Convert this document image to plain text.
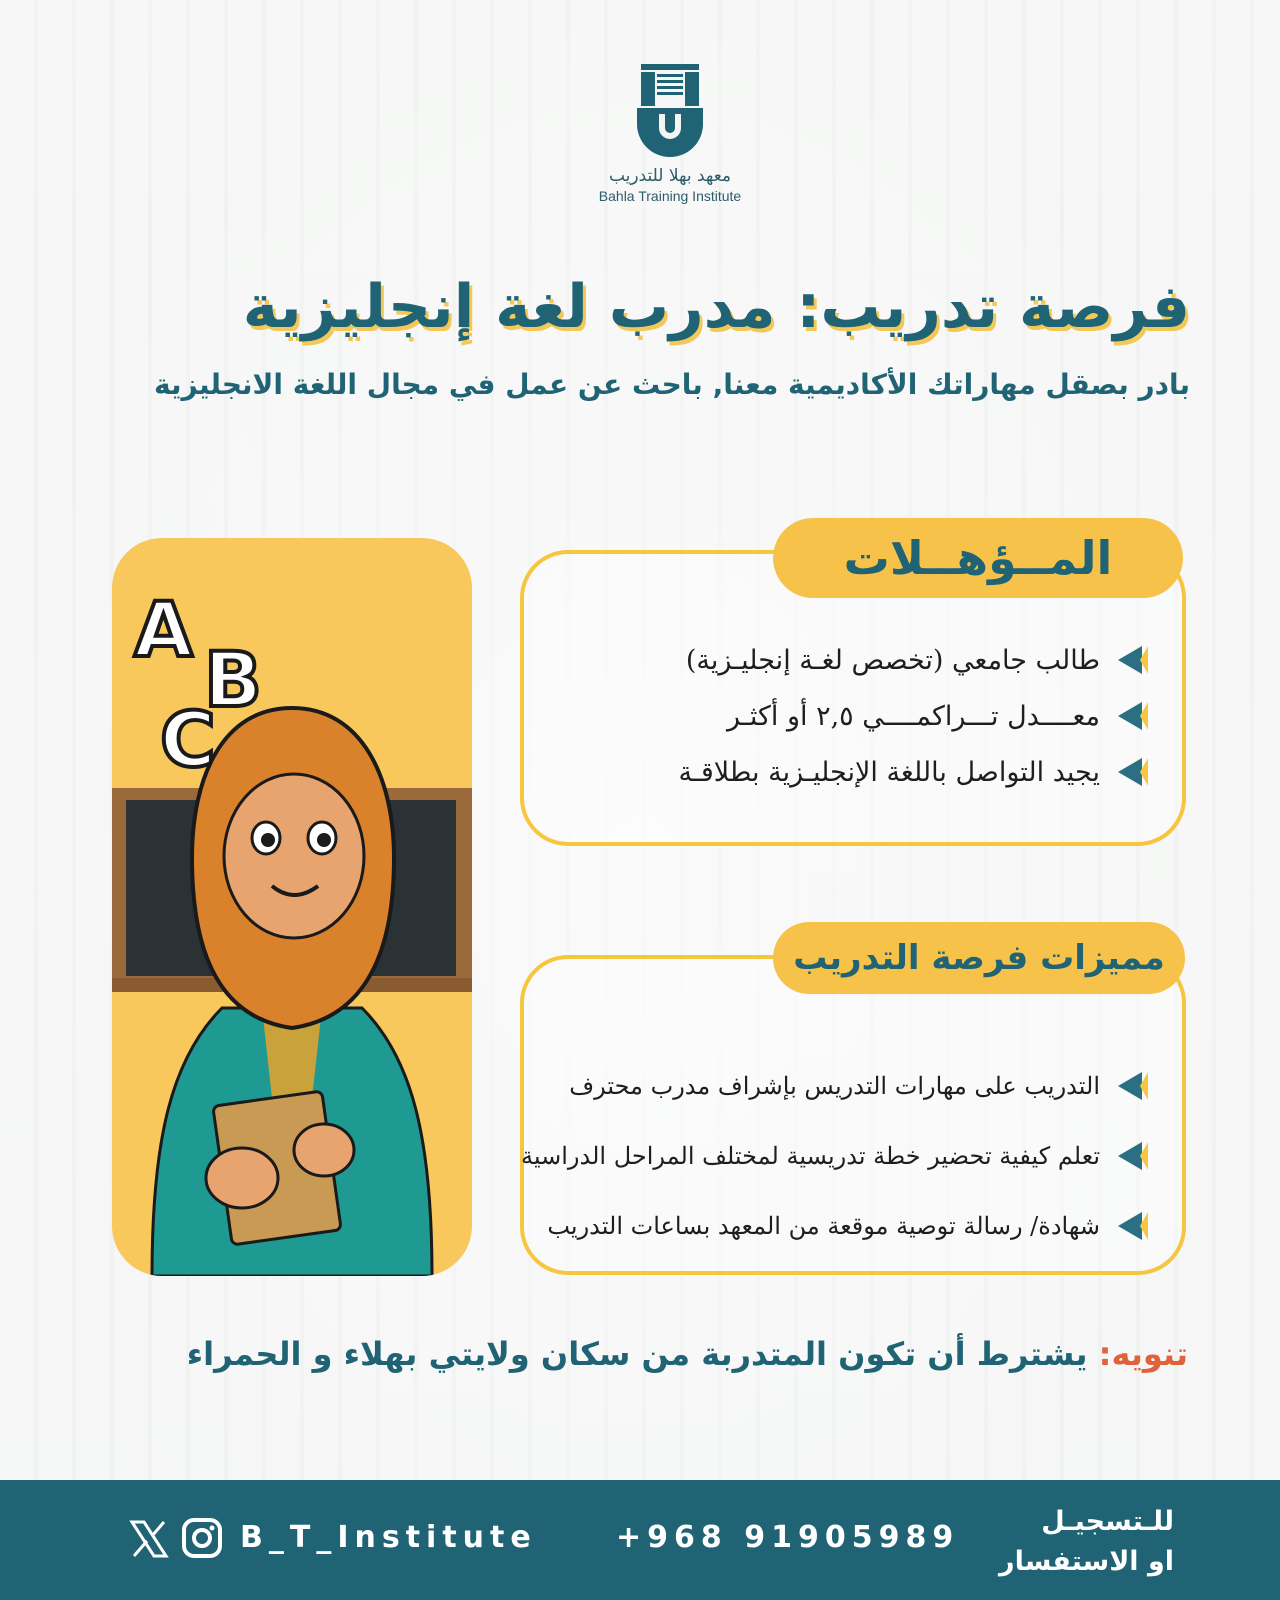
معهد بهلا للتدريب
Bahla Training Institute
فرصة تدريب: مدرب لغة إنجليزية
بادر بصقل مهاراتك الأكاديمية معنا, باحث عن عمل في مجال اللغة الانجليزية
A
B
C
طالب جامعي (تخصص لغـة إنجليـزية)
معــــدل تـــراكمــــي ٢,٥ أو أكثـر
يجيد التواصل باللغة الإنجليـزية بطلاقـة
المــؤهــلات
التدريب على مهارات التدريس بإشراف مدرب محترف
تعلم كيفية تحضير خطة تدريسية لمختلف المراحل الدراسية
شهادة/ رسالة توصية موقعة من المعهد بساعات التدريب
مميزات فرصة التدريب
تنويه: يشترط أن تكون المتدربة من سكان ولايتي بهلاء و الحمراء
للـتسجيـل
او الاستفسار
+968 91905989
B_T_Institute
